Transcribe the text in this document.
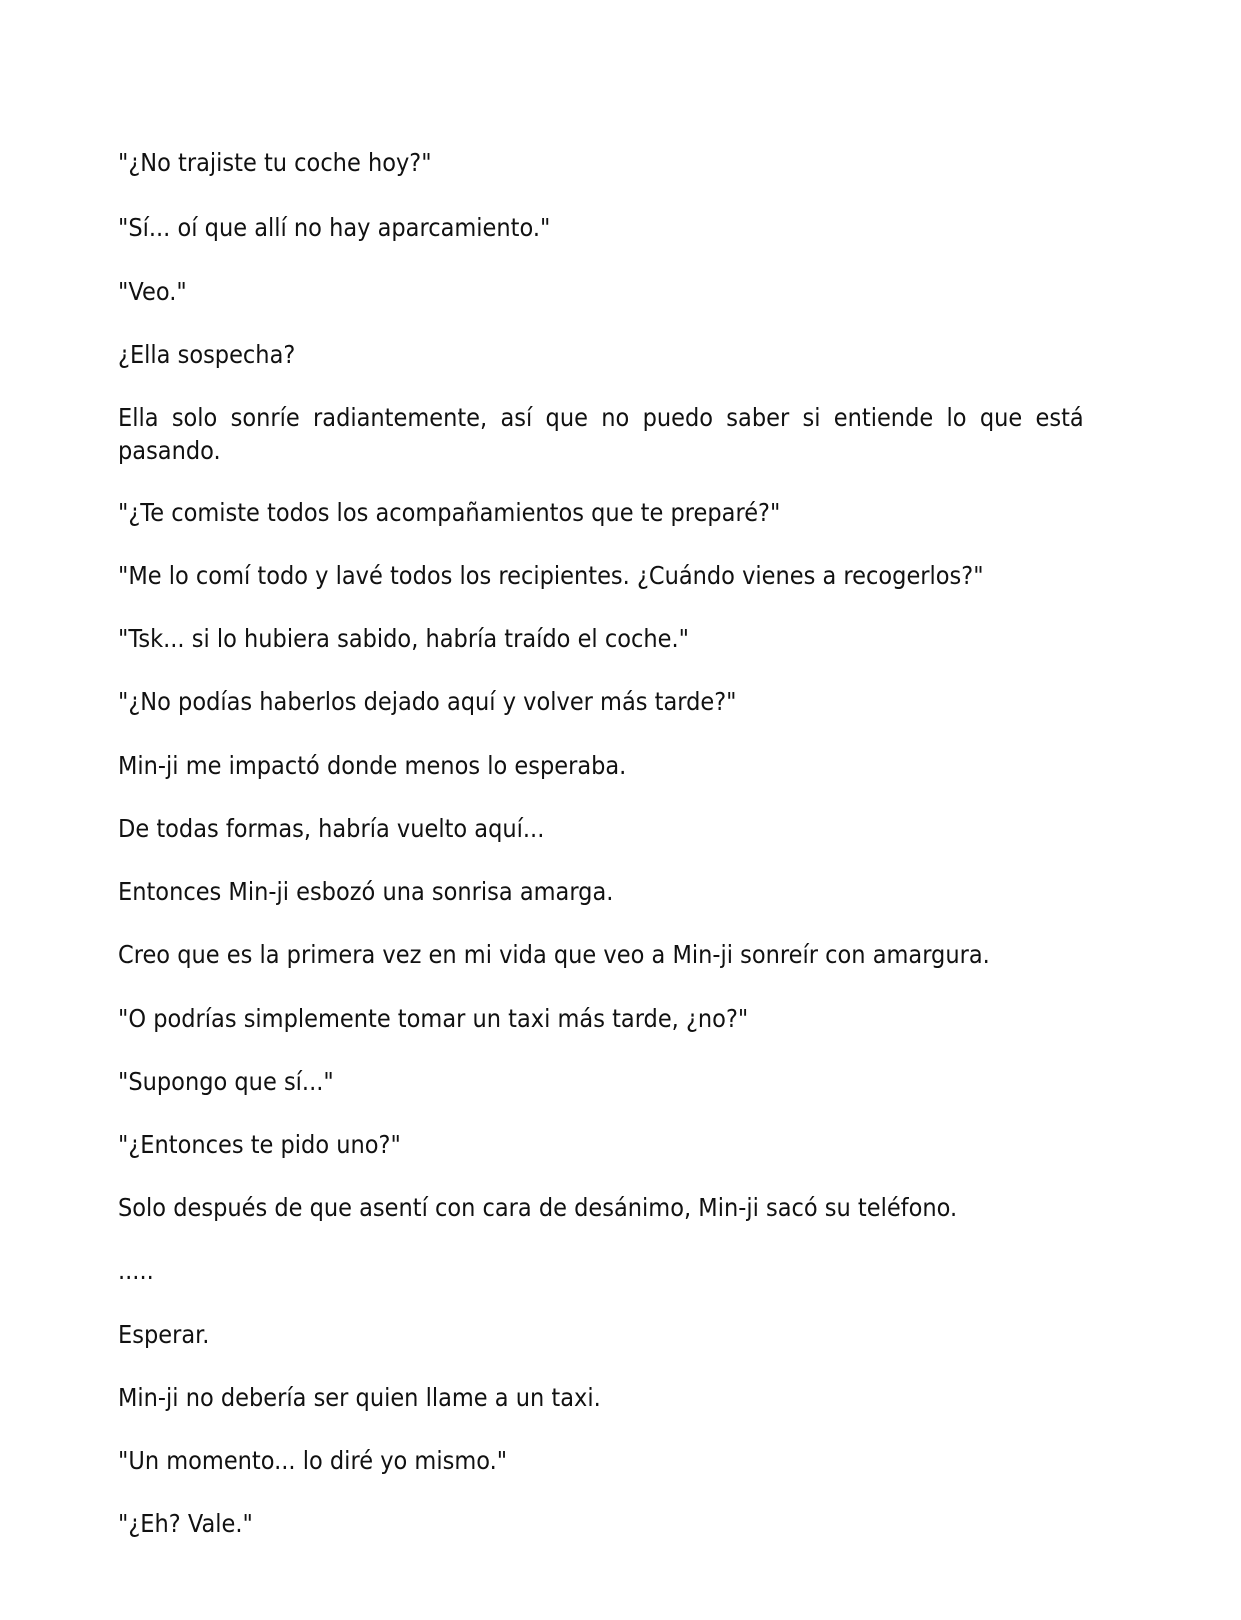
"¿No trajiste tu coche hoy?"

"Sí... oí que allí no hay aparcamiento."

"Veo."

¿Ella sospecha?

Ella solo sonríe radiantemente, así que no puedo saber si entiende lo que está pasando.

"¿Te comiste todos los acompañamientos que te preparé?"

"Me lo comí todo y lavé todos los recipientes. ¿Cuándo vienes a recogerlos?"

"Tsk... si lo hubiera sabido, habría traído el coche."

"¿No podías haberlos dejado aquí y volver más tarde?"

Min-ji me impactó donde menos lo esperaba.

De todas formas, habría vuelto aquí...

Entonces Min-ji esbozó una sonrisa amarga.

Creo que es la primera vez en mi vida que veo a Min-ji sonreír con amargura.

"O podrías simplemente tomar un taxi más tarde, ¿no?"

"Supongo que sí..."

"¿Entonces te pido uno?"

Solo después de que asentí con cara de desánimo, Min-ji sacó su teléfono.

.....

Esperar.

Min-ji no debería ser quien llame a un taxi.

"Un momento... lo diré yo mismo."

"¿Eh? Vale."
